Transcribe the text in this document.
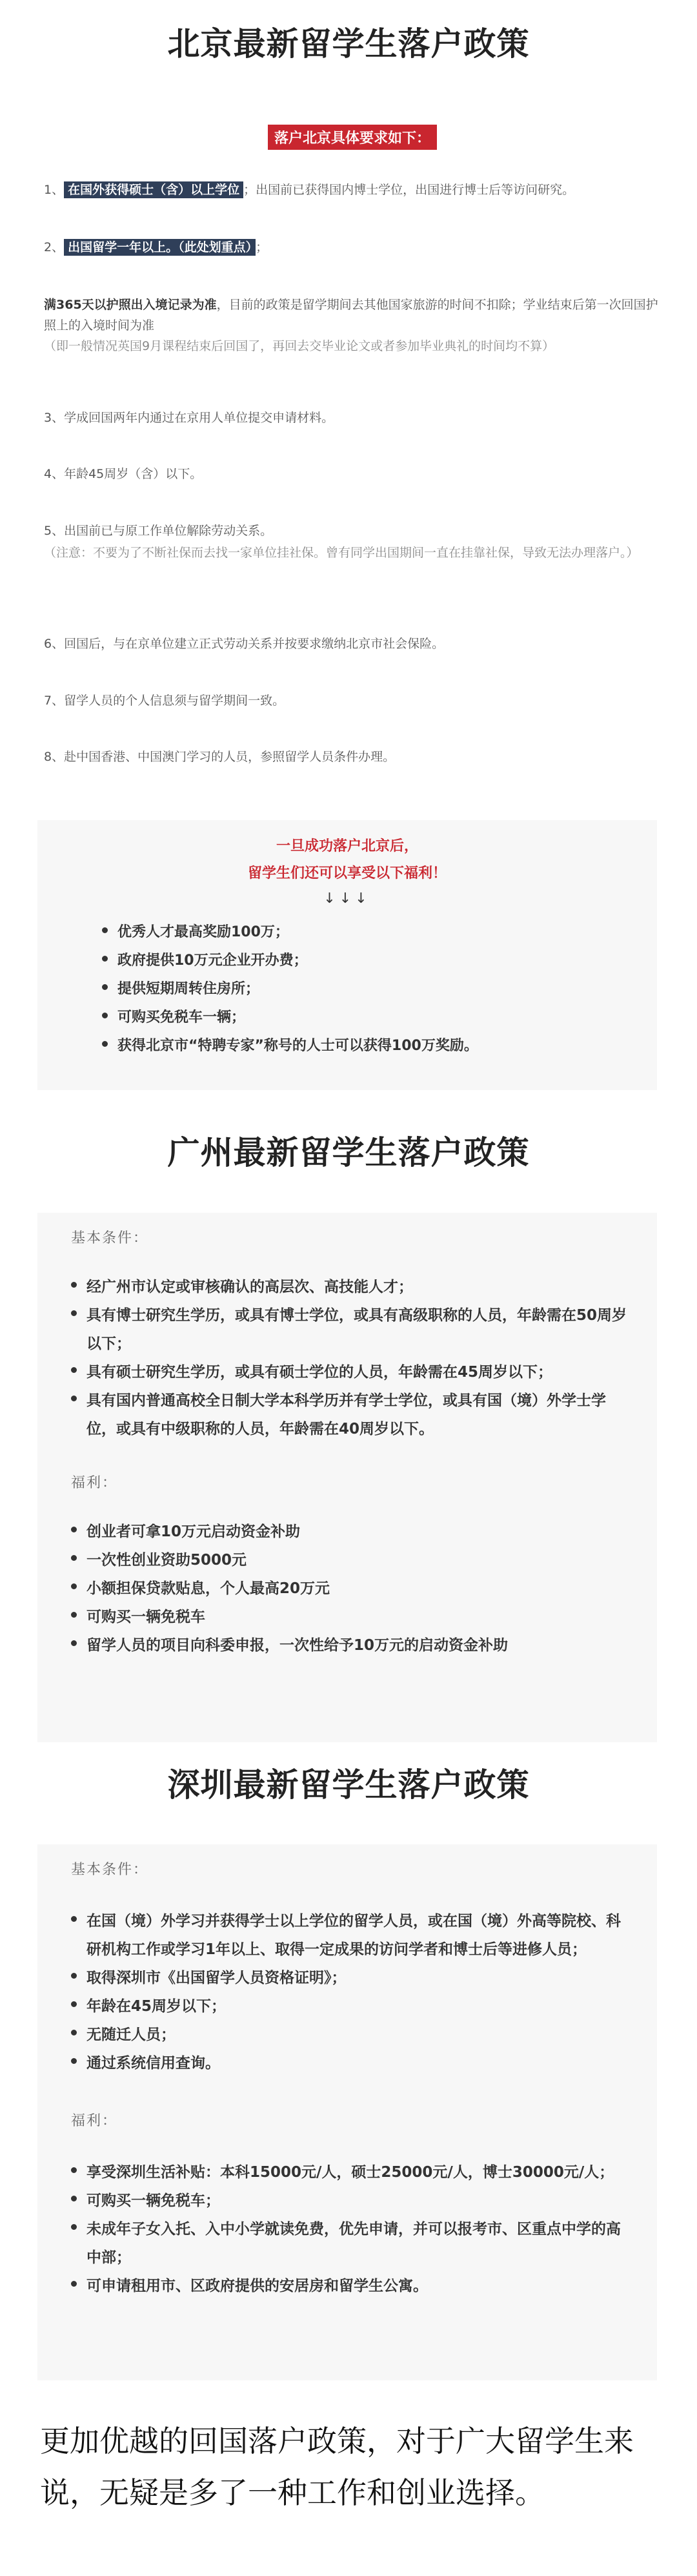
北京最新留学生落户政策
落户北京具体要求如下：
1、 在国外获得硕士（含）以上学位 ；出国前已获得国内博士学位，出国进行博士后等访问研究。
2、 出国留学一年以上。（此处划重点） ；
满365天以护照出入境记录为准，目前的政策是留学期间去其他国家旅游的时间不扣除；学业结束后第一次回国护照上的入境时间为准（即一般情况英国9月课程结束后回国了，再回去交毕业论文或者参加毕业典礼的时间均不算）
3、学成回国两年内通过在京用人单位提交申请材料。
4、年龄45周岁（含）以下。
5、出国前已与原工作单位解除劳动关系。
（注意：不要为了不断社保而去找一家单位挂社保。曾有同学出国期间一直在挂靠社保，导致无法办理落户。）
6、回国后，与在京单位建立正式劳动关系并按要求缴纳北京市社会保险。
7、留学人员的个人信息须与留学期间一致。
8、赴中国香港、中国澳门学习的人员，参照留学人员条件办理。
一旦成功落户北京后，
留学生们还可以享受以下福利！
↓↓↓
优秀人才最高奖励100万；
政府提供10万元企业开办费；
提供短期周转住房所；
可购买免税车一辆；
获得北京市“特聘专家”称号的人士可以获得100万奖励。
广州最新留学生落户政策
基本条件：
经广州市认定或审核确认的高层次、高技能人才；
具有博士研究生学历，或具有博士学位，或具有高级职称的人员，年龄需在50周岁以下；
具有硕士研究生学历，或具有硕士学位的人员，年龄需在45周岁以下；
具有国内普通高校全日制大学本科学历并有学士学位，或具有国（境）外学士学位，或具有中级职称的人员，年龄需在40周岁以下。
福利：
创业者可拿10万元启动资金补助
一次性创业资助5000元
小额担保贷款贴息，个人最高20万元
可购买一辆免税车
留学人员的项目向科委申报，一次性给予10万元的启动资金补助
深圳最新留学生落户政策
基本条件：
在国（境）外学习并获得学士以上学位的留学人员，或在国（境）外高等院校、科研机构工作或学习1年以上、取得一定成果的访问学者和博士后等进修人员；
取得深圳市《出国留学人员资格证明》；
年龄在45周岁以下；
无随迁人员；
通过系统信用查询。
福利：
享受深圳生活补贴：本科15000元/人，硕士25000元/人，博士30000元/人；
可购买一辆免税车；
未成年子女入托、入中小学就读免费，优先申请，并可以报考市、区重点中学的高中部；
可申请租用市、区政府提供的安居房和留学生公寓。
更加优越的回国落户政策，对于广大留学生来说，无疑是多了一种工作和创业选择。
